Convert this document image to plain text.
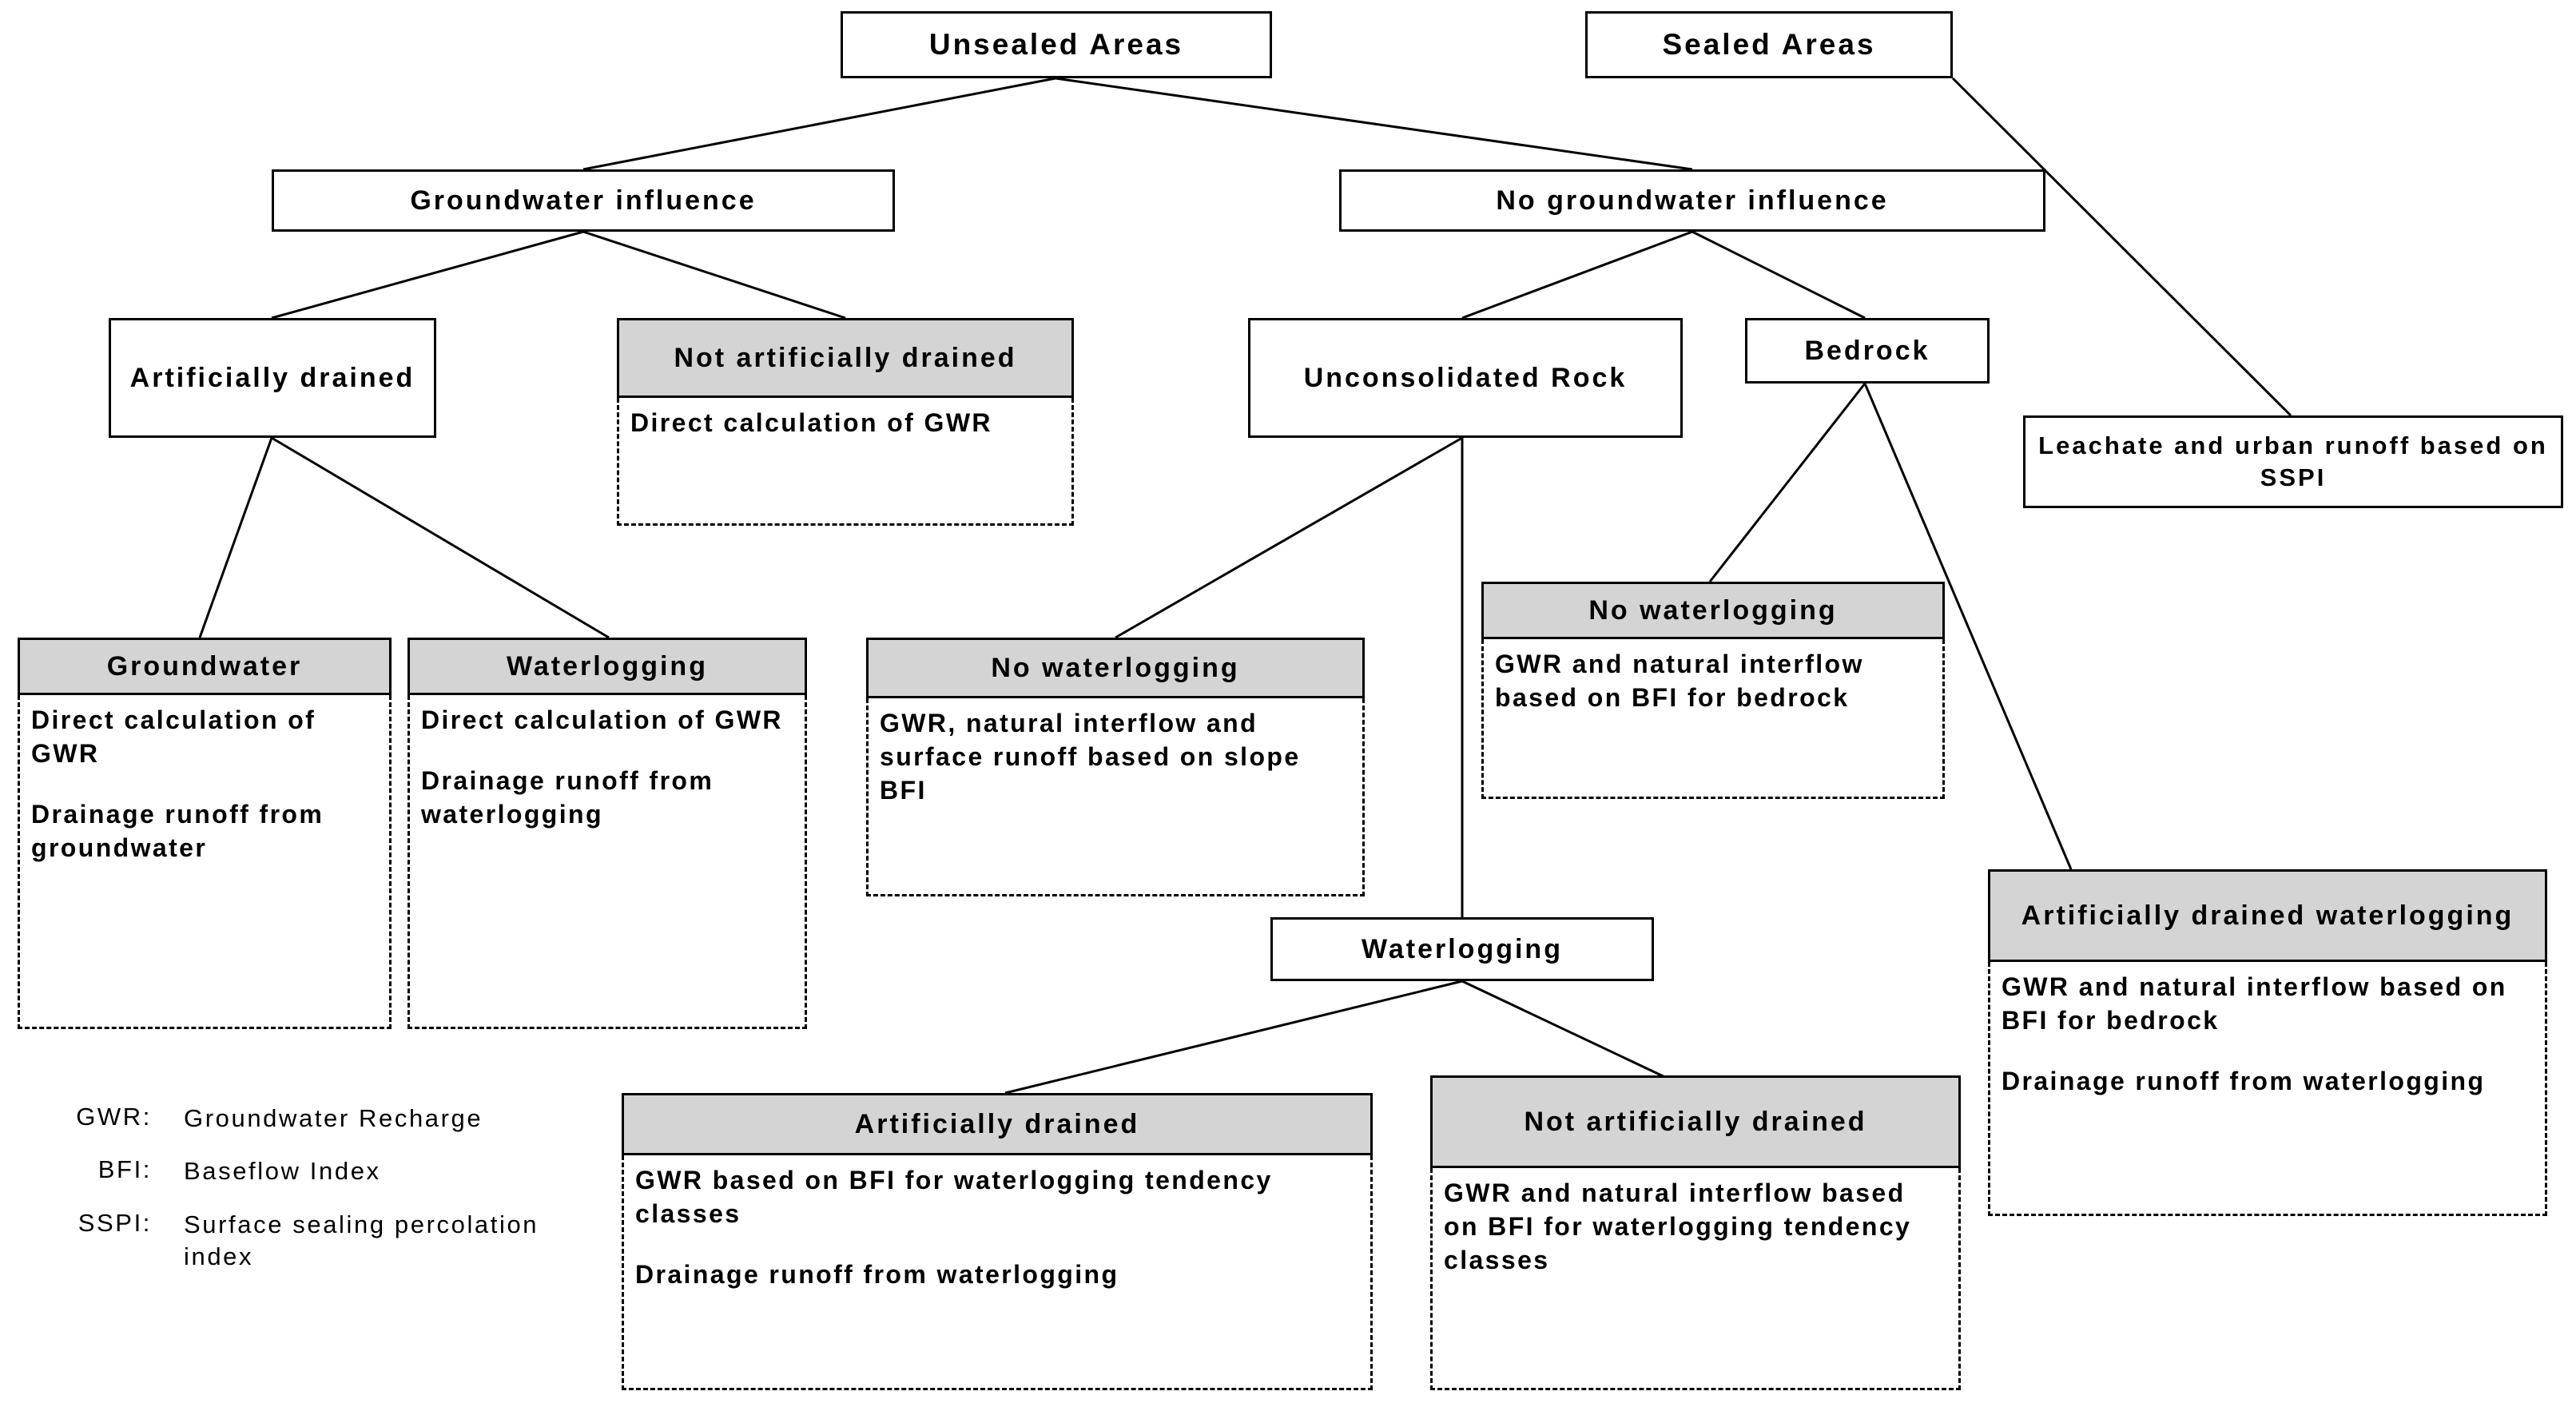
Unsealed Areas	Sealed Areas
Groundwater influence	No groundwater influence
Artificially drained
Not artificially drained

Direct calculation of GWR

Unconsolidated Rock
Bedrock
Leachate and urban runoff based on SSPI
Groundwater

Direct calculation of GWR

Drainage runoff from groundwater

Waterlogging

Direct calculation of GWR

Drainage runoff from waterlogging

No waterlogging

GWR, natural interflow and surface runoff based on slope BFI

No waterlogging

GWR and natural interflow based on BFI for bedrock

Waterlogging
Artificially drained

GWR based on BFI for waterlogging tendency classes

Drainage runoff from waterlogging

Not artificially drained

GWR and natural interflow based on BFI for waterlogging tendency classes

Artificially drained waterlogging

GWR and natural interflow based on BFI for bedrock

Drainage runoff from waterlogging

GWR:	Groundwater Recharge
BFI:	Baseflow Index
SSPI:	Surface sealing percolation index
